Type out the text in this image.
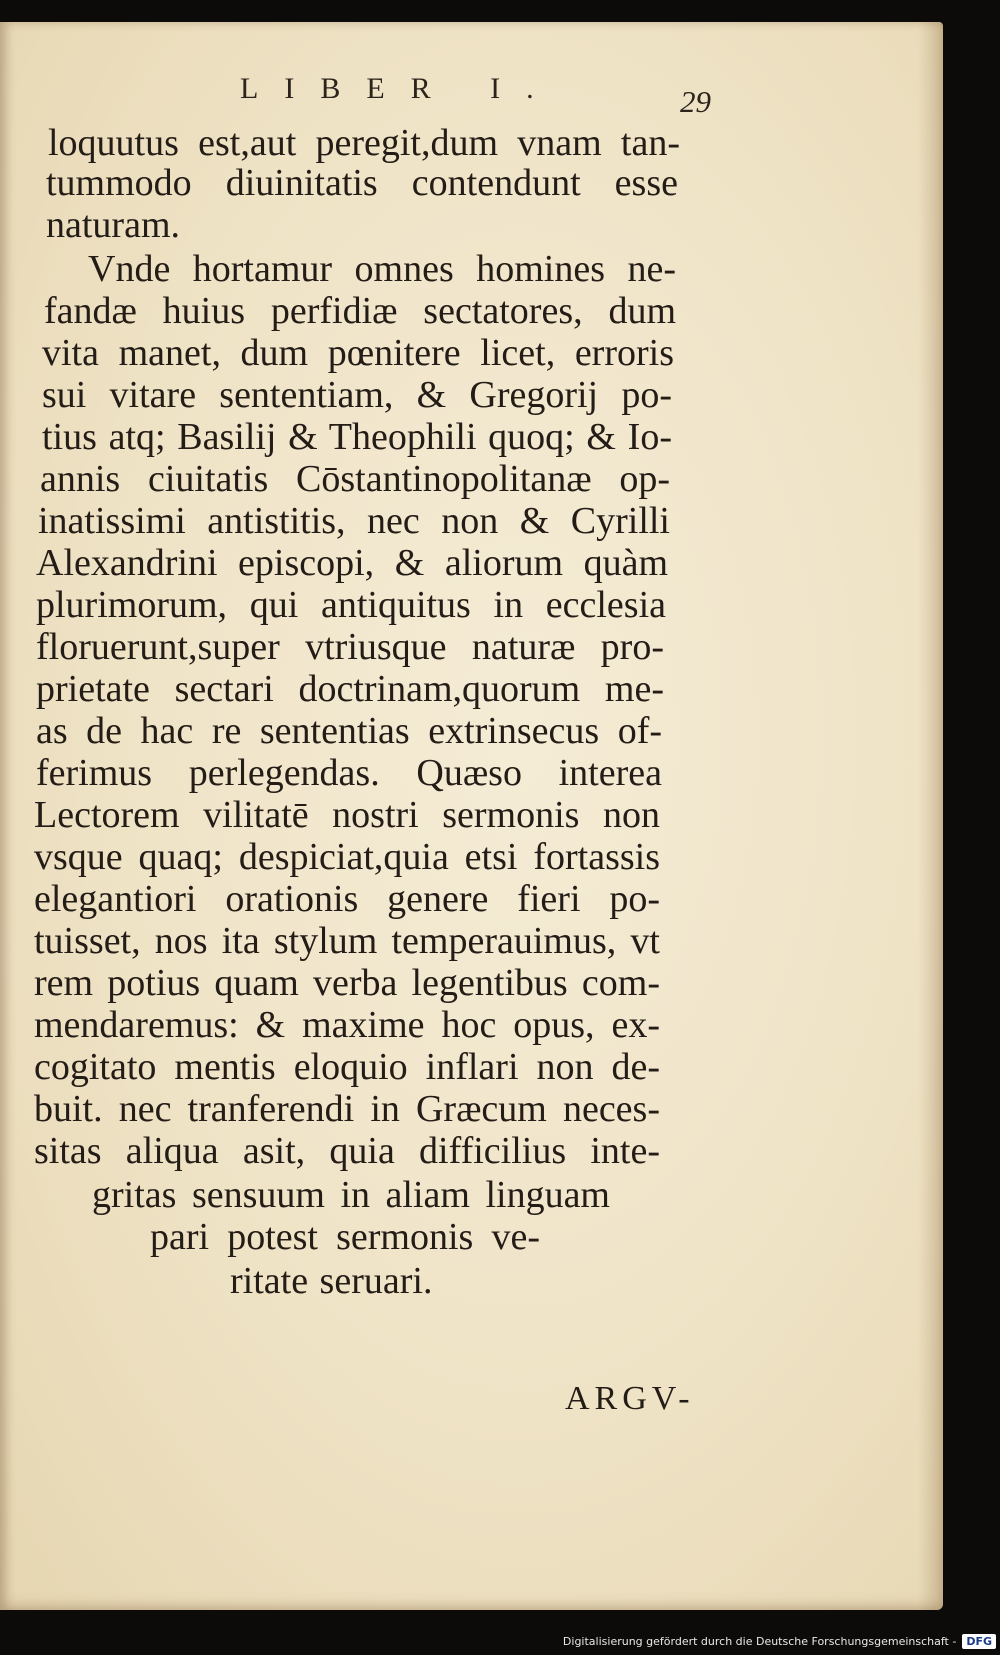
LIBER I.	29
loquutus est,aut peregit,dum vnam tan-
tummodo diuinitatis contendunt esse
naturam.
Vnde hortamur omnes homines ne-
fandæ huius perfidiæ sectatores, dum
vita manet, dum pœnitere licet, erroris
sui vitare sententiam, & Gregorij po-
tius atq; Basilij & Theophili quoq; & Io-
annis ciuitatis Cōstantinopolitanæ op-
inatissimi antistitis, nec non & Cyrilli
Alexandrini episcopi, & aliorum quàm
plurimorum, qui antiquitus in ecclesia
floruerunt,super vtriusque naturæ pro-
prietate sectari doctrinam,quorum me-
as de hac re sententias extrinsecus of-
ferimus perlegendas. Quæso interea
Lectorem vilitatē nostri sermonis non
vsque quaq; despiciat,quia etsi fortassis
elegantiori orationis genere fieri po-
tuisset, nos ita stylum temperauimus, vt
rem potius quam verba legentibus com-
mendaremus: & maxime hoc opus, ex-
cogitato mentis eloquio inflari non de-
buit. nec tranferendi in Græcum neces-
sitas aliqua asit, quia difficilius inte-
gritas sensuum in aliam linguam
pari potest sermonis ve-
ritate seruari.
ARGV-
Digitalisierung gefördert durch die Deutsche Forschungsgemeinschaft - DFG
